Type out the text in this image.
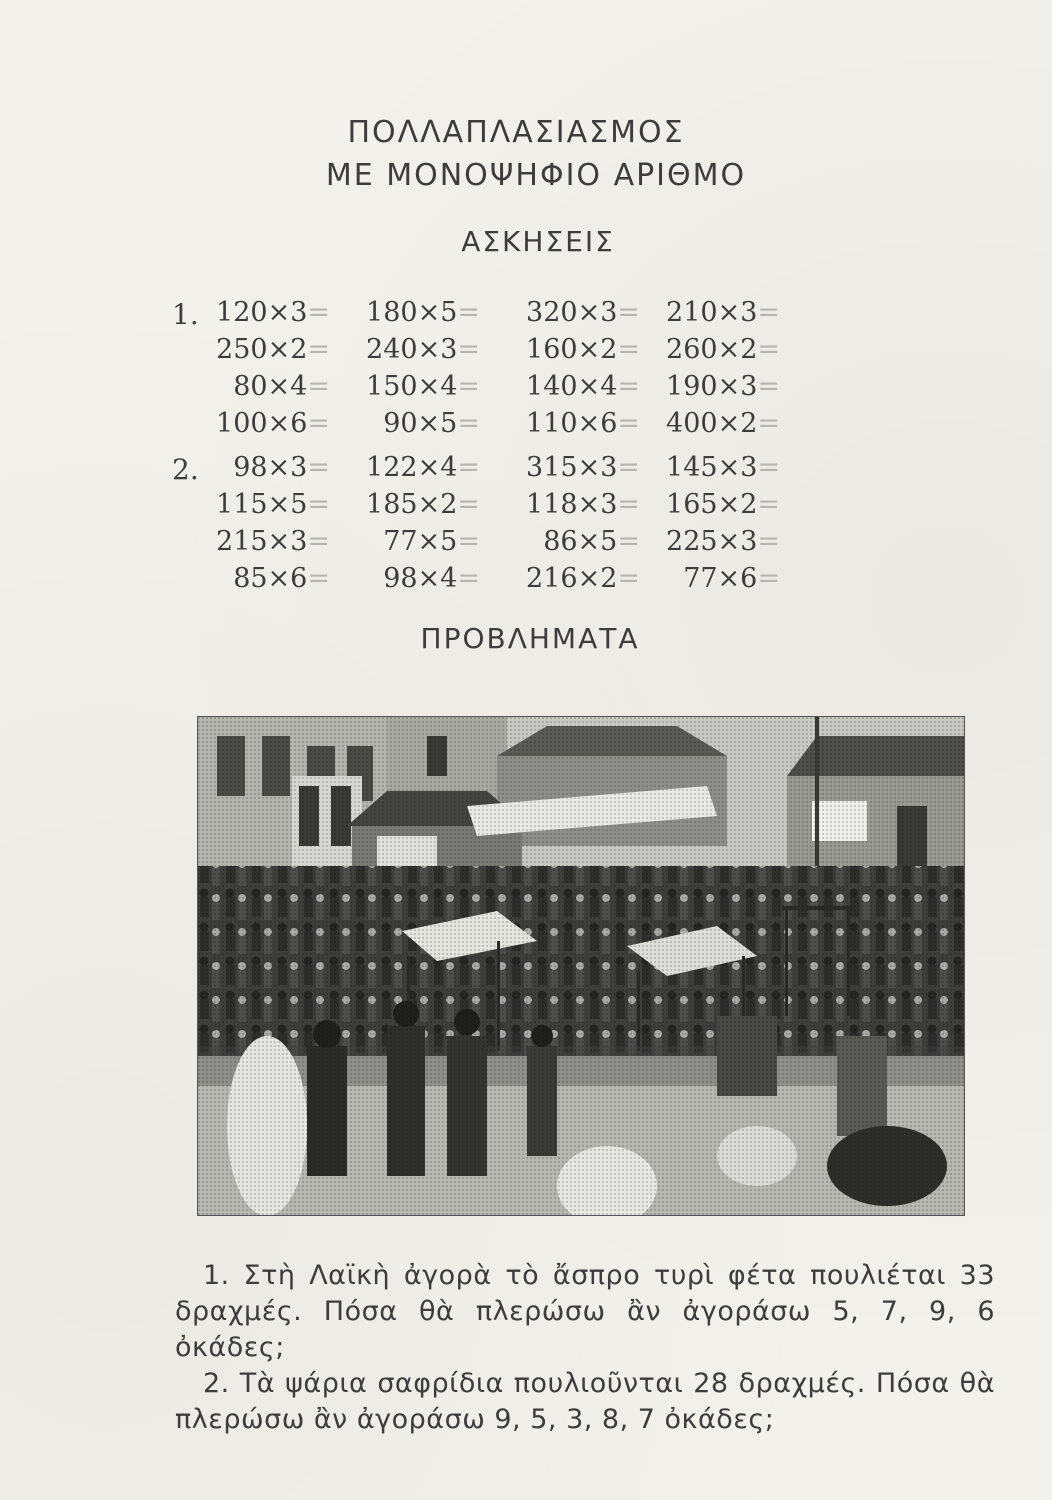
ΠΟΛΛΑΠΛΑΣΙΑΣΜΟΣ
ΜΕ ΜΟΝΟΨΗΦΙΟ ΑΡΙΘΜΟ
ΑΣΚΗΣΕΙΣ
1. 120×3=	180×5=	320×3= 210×3=
250×2=	240×3=	160×2= 260×2=
80×4=	150×4=	140×4= 190×3=
100×6=	90×5=	110×6= 400×2=
2.	98×3=	122×4=	315×3= 145×3=
115×5=	185×2=	118×3= 165×2=
215×3=	77×5=	86×5= 225×3=
85×6=	98×4=	216×2=	77×6=
ΠΡΟΒΛΗΜΑΤΑ

1. Στὴ Λαϊκὴ ἀγορὰ τὸ ἄσπρο τυρὶ φέτα πουλιέται 33 δραχμές. Πόσα θὰ πλερώσω ἂν ἀγοράσω 5, 7, 9, 6 ὀκάδες;

2. Τὰ ψάρια σαφρίδια πουλιοῦνται 28 δραχμές. Πόσα θὰ πλερώσω ἂν ἀγοράσω 9, 5, 3, 8, 7 ὀκάδες;
